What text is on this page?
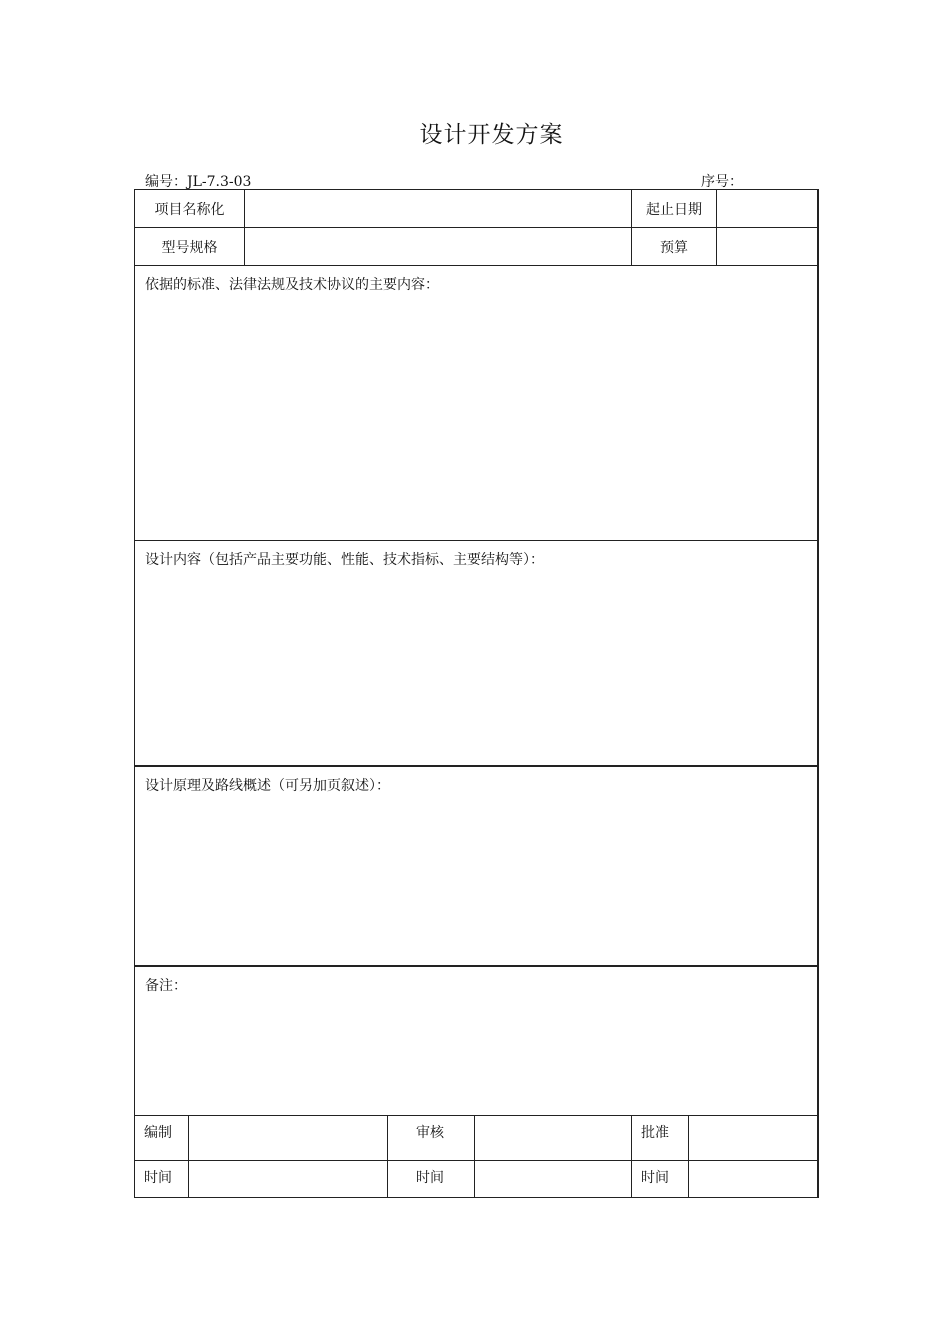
设计开发方案
编号：JL-7.3-03	序号：
项目名称化					起止日期		
型号规格					预算		
依据的标准、法律法规及技术协议的主要内容：							
设计内容（包括产品主要功能、性能、技术指标、主要结构等）：							
设计原理及路线概述（可另加页叙述）：							
备注：							
编制			审核		批准		
时间			时间		时间		
